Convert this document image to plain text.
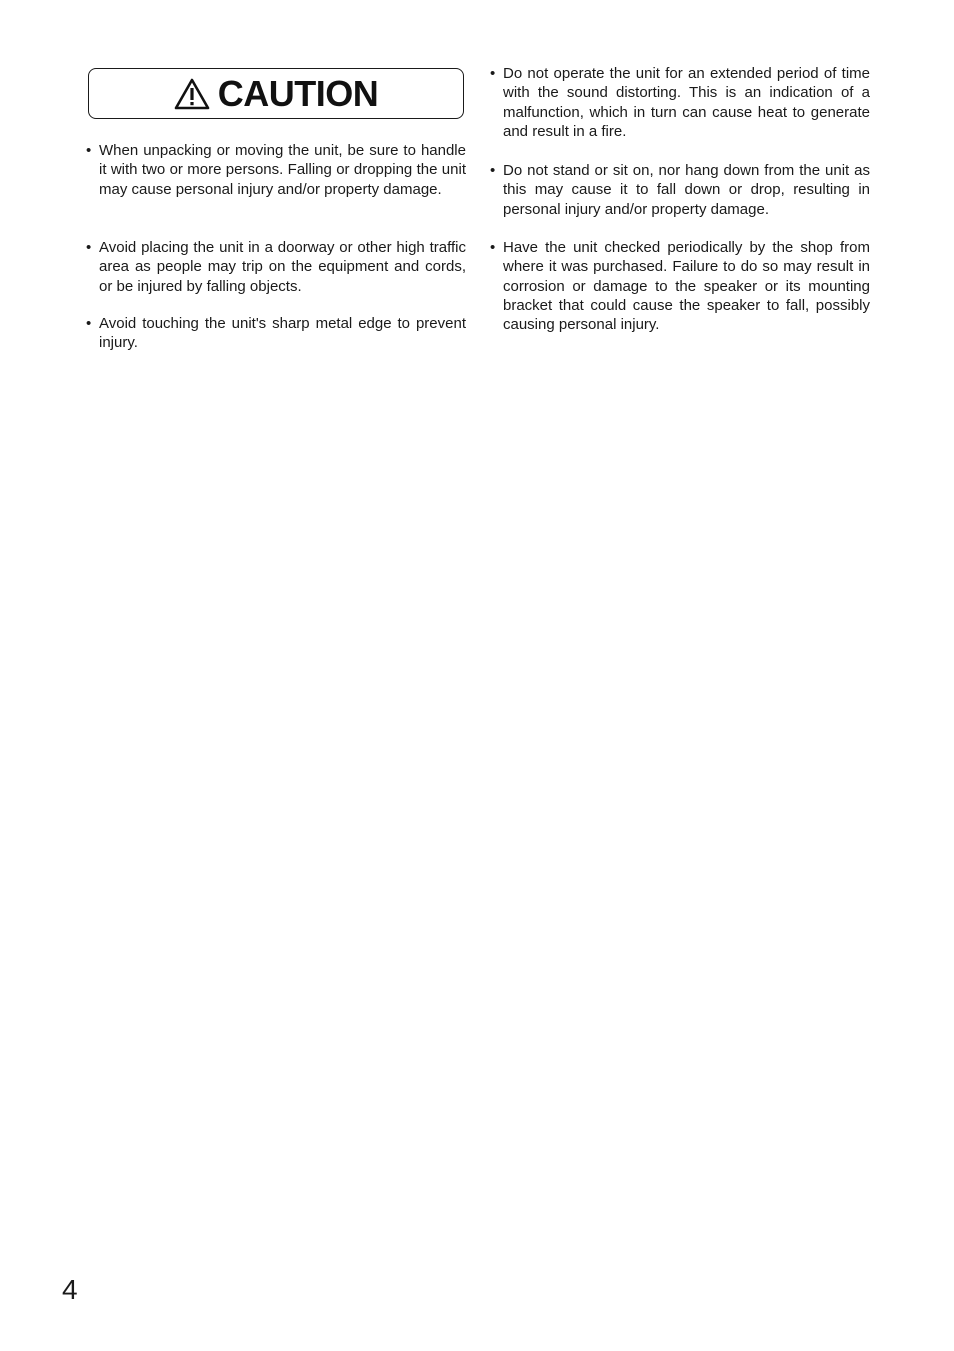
CAUTION
• When unpacking or moving the unit, be sure to handle it with two or more persons. Falling or dropping the unit may cause personal injury and/or property damage.
• Avoid placing the unit in a doorway or other high traffic area as people may trip on the equipment and cords, or be injured by falling objects.
• Avoid touching the unit's sharp metal edge to prevent injury.
• Do not operate the unit for an extended period of time with the sound distorting. This is an indication of a malfunction, which in turn can cause heat to generate and result in a fire.
• Do not stand or sit on, nor hang down from the unit as this may cause it to fall down or drop, resulting in personal injury and/or property damage.
• Have the unit checked periodically by the shop from where it was purchased. Failure to do so may result in corrosion or damage to the speaker or its mounting bracket that could cause the speaker to fall, possibly causing personal injury.
4
